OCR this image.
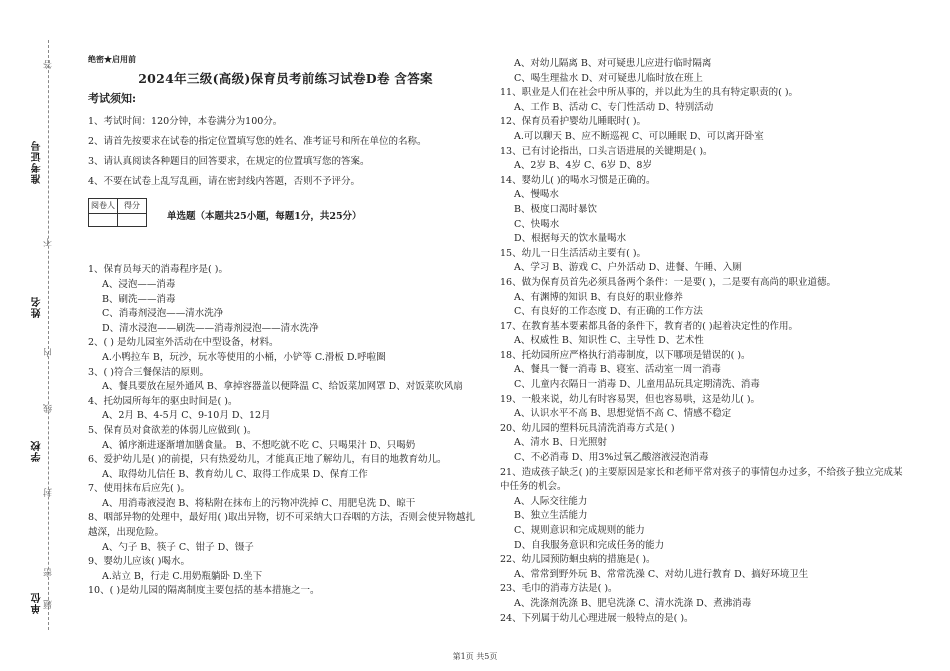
准考证号
姓名
学校
单位
答
不
内
线
封
密
题
绝密★启用前
2024年三级(高级)保育员考前练习试卷D卷 含答案
考试须知:
1、考试时间：120分钟，本卷满分为100分。
2、请首先按要求在试卷的指定位置填写您的姓名、准考证号和所在单位的名称。
3、请认真阅读各种题目的回答要求，在规定的位置填写您的答案。
4、不要在试卷上乱写乱画，请在密封线内答题，否则不予评分。
阅卷人	得分

单选题（本题共25小题，每题1分，共25分）
1、保育员每天的消毒程序是( )。
A、浸泡——消毒
B、刷洗——消毒
C、消毒剂浸泡——清水洗净
D、清水浸泡——刷洗——消毒剂浸泡——清水洗净
2、( ) 是幼儿园室外活动在中型设备，材料。
A.小鸭拉车 B，玩沙，玩水等使用的小桶，小铲等 C.滑板 D.呼啦圈
3、( )符合三餐保洁的原则。
A、餐具要放在屋外通风 B、拿掉容器盖以便降温 C、给饭菜加网罩 D、对饭菜吹风扇
4、托幼园所每年的驱虫时间是( )。
A、2月 B、4-5月 C、9-10月 D、12月
5、保育员对食欲差的体弱儿应做到( )。
A、循序渐进逐渐增加膳食量。 B、不想吃就不吃 C、只喝果汁 D、只喝奶
6、爱护幼儿是( )的前提，只有热爱幼儿，才能真正地了解幼儿，有目的地教育幼儿。
A、取得幼儿信任 B、教育幼儿 C、取得工作成果 D、保育工作
7、使用抹布后应先( )。
A、用消毒液浸泡 B、将粘附在抹布上的污物冲洗掉 C、用肥皂洗 D、晾干
8、咽部异物的处理中，最好用( )取出异物，切不可采纳大口吞咽的方法，否则会使异物越扎越深，出现危险。
A、勺子 B、筷子 C、钳子 D、镊子
9、婴幼儿应该( )喝水。
A.站立 B，行走 C.用奶瓶躺卧 D.坐下
10、( )是幼儿园的隔离制度主要包括的基本措施之一。
A、对幼儿隔离 B、对可疑患儿应进行临时隔离
C、喝生理盐水 D、对可疑患儿临时放在班上
11、职业是人们在社会中所从事的，并以此为生的具有特定职责的( )。
A、工作 B、活动 C、专门性活动 D、特别活动
12、保育员看护婴幼儿睡眠时( )。
A.可以聊天 B、应不断巡视 C、可以睡眠 D、可以离开卧室
13、已有讨论指出，口头言语进展的关键期是( )。
A、2岁 B、4岁 C、6岁 D、8岁
14、婴幼儿( )的喝水习惯是正确的。
A、慢喝水
B、极度口渴时暴饮
C、快喝水
D、根据每天的饮水量喝水
15、幼儿一日生活活动主要有( )。
A、学习 B、游戏 C、户外活动 D、进餐、午睡、入厕
16、做为保育员首先必须具备两个条件：一是要( )，二是要有高尚的职业道德。
A、有渊博的知识 B、有良好的职业修养
C、有良好的工作态度 D、有正确的工作方法
17、在教育基本要素都具备的条件下，教育者的( )起着决定性的作用。
A、权威性 B、知识性 C、主导性 D、艺术性
18、托幼园所应严格执行消毒制度，以下哪项是错误的( )。
A、餐具一餐一消毒 B、寝室、活动室一周一消毒
C、儿童内衣隔日一消毒 D、儿童用品玩具定期清洗、消毒
19、一般来说，幼儿有时容易哭，但也容易哄，这是幼儿( )。
A、认识水平不高 B、思想觉悟不高 C、情感不稳定
20、幼儿园的塑料玩具清洗消毒方式是( )
A、清水 B、日光照射
C、不必消毒 D、用3%过氧乙酸溶液浸泡消毒
21、造成孩子缺乏( )的主要原因是家长和老师平常对孩子的事情包办过多，不给孩子独立完成某中任务的机会。
A、人际交往能力
B、独立生活能力
C、规则意识和完成规则的能力
D、自我服务意识和完成任务的能力
22、幼儿园预防蛔虫病的措施是( )。
A、常常到野外玩 B、常常洗澡 C、对幼儿进行教育 D、搞好环境卫生
23、毛巾的消毒方法是( )。
A、洗涤剂洗涤 B、肥皂洗涤 C、清水洗涤 D、煮沸消毒
24、下列属于幼儿心理进展一般特点的是( )。
第1页 共5页
